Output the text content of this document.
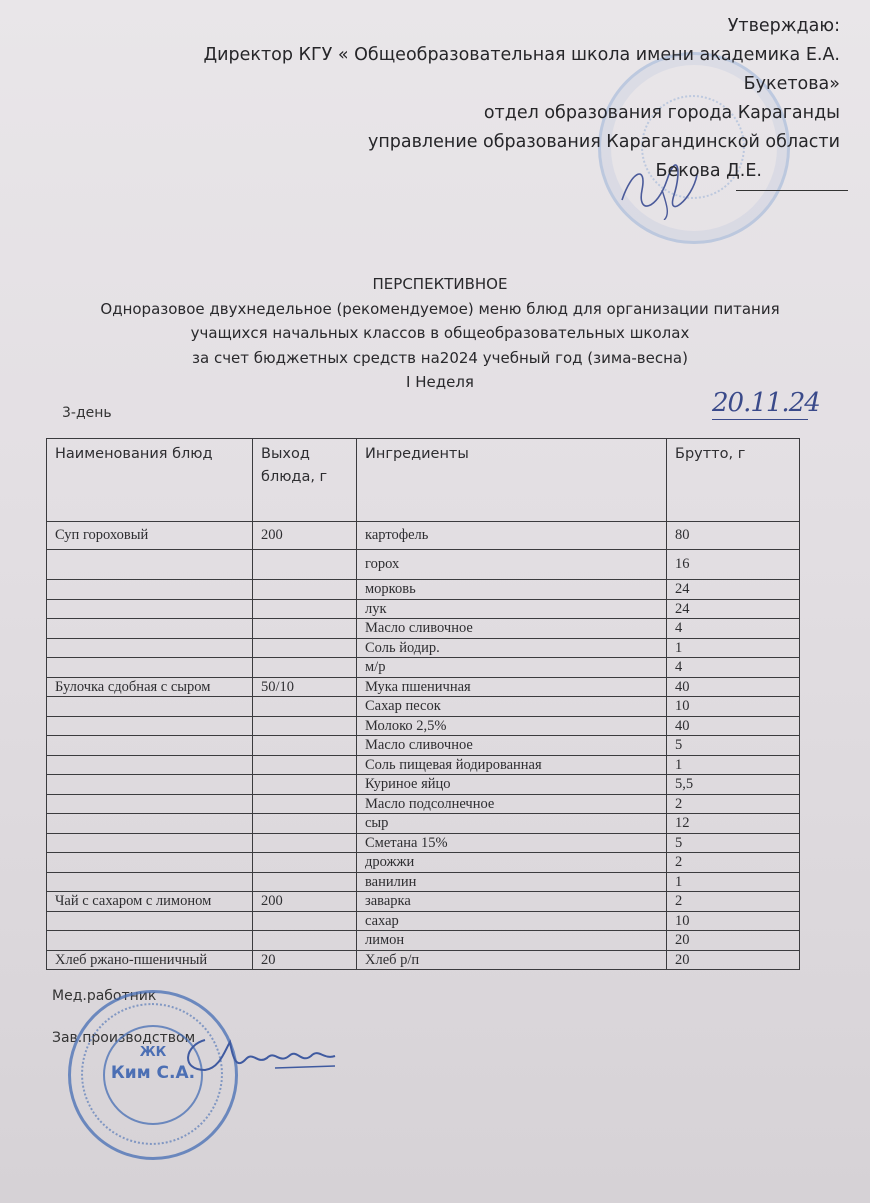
Утверждаю:
Директор КГУ « Общеобразовательная школа имени академика Е.А.
Букетова»
отдел образования города Караганды
управление образования Карагандинской области
Бекова Д.Е.
ПЕРСПЕКТИВНОЕ
Одноразовое двухнедельное (рекомендуемое) меню блюд для организации питания
учащихся начальных классов в общеобразовательных школах
за счет бюджетных средств на2024 учебный год (зима-весна)
I Неделя
3-день	20.11.24
Наименования блюд	Выход блюда, г	Ингредиенты	Брутто, г
Суп гороховый	200	картофель	80
		горох	16
		морковь	24
		лук	24
		Масло сливочное	4
		Соль йодир.	1
		м/р	4
Булочка сдобная с сыром	50/10	Мука пшеничная	40
		Сахар песок	10
		Молоко 2,5%	40
		Масло сливочное	5
		Соль пищевая йодированная	1
		Куриное яйцо	5,5
		Масло подсолнечное	2
		сыр	12
		Сметана 15%	5
		дрожжи	2
		ванилин	1
Чай с сахаром с лимоном	200	заварка	2
		сахар	10
		лимон	20
Хлеб ржано-пшеничный	20	Хлеб р/п	20
Мед.работник
Зав.производством
ЖК
Ким С.А.
